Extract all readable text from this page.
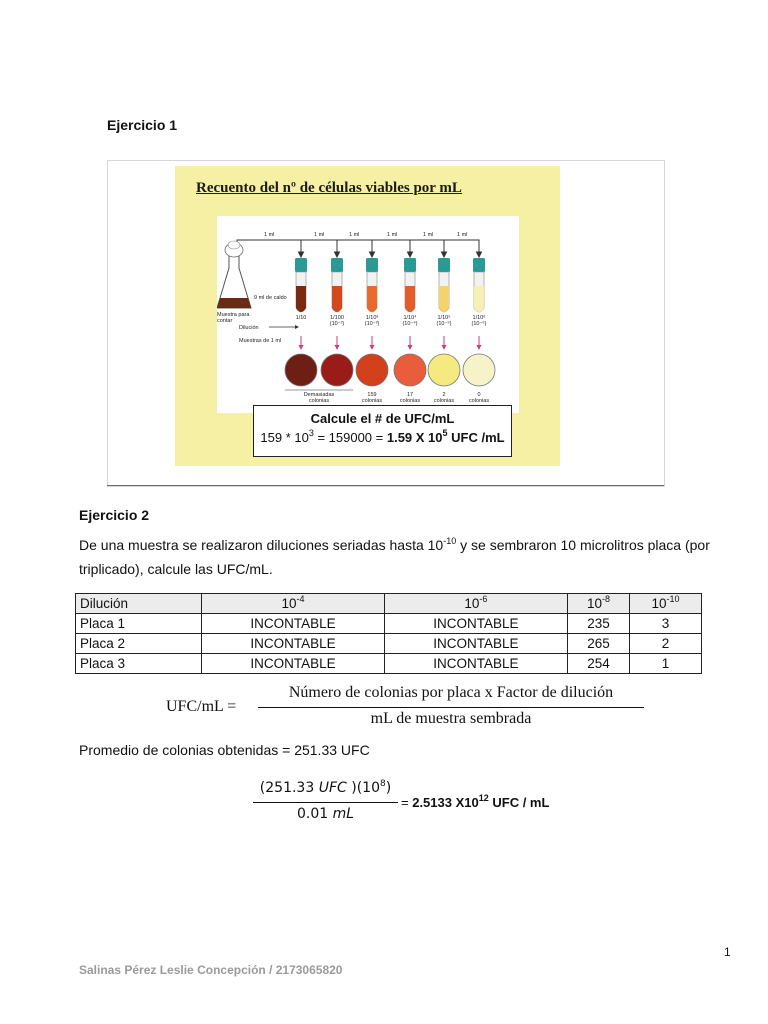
Ejercicio 1
Recuento del nº de células viables por mL
1 ml	1 ml	1 ml	1 ml	1 ml	1 ml
9 ml de caldo
Muestra para contar
Dilución
Muestras de 1 ml
1/10	1/100
(10⁻²)
1/10³
(10⁻³)
1/10⁴
(10⁻⁴)
1/10⁵
(10⁻⁵)
1/10⁶
(10⁻⁶)
Demasiadas colonias
159
colonias
17
colonias
2
colonias
0
colonias
Calcule el # de UFC/mL
$159 * 10^3 = 159000 = 1.59$ X $10^5$ UFC /mL
Ejercicio 2
De una muestra se realizaron diluciones seriadas hasta $10^{-10}$ y se sembraron 10 microlitros placa (por
triplicado), calcule las UFC/mL.
Dilución	$10^{-4}$	$10^{-6}$	$10^{-8}$	$10^{-10}$
Placa 1	INCONTABLE	INCONTABLE	235	3
Placa 2	INCONTABLE	INCONTABLE	265	2
Placa 3	INCONTABLE	INCONTABLE	254	1
UFC/mL =
Número de colonias por placa x Factor de dilución
mL de muestra sembrada
Promedio de colonias obtenidas = 251.33 UFC
(251.33 UFC )$(10^8)$
0.01 mL
= 2.5133 $X10^{12}$ UFC / mL
1
Salinas Pérez Leslie Concepción / 2173065820
